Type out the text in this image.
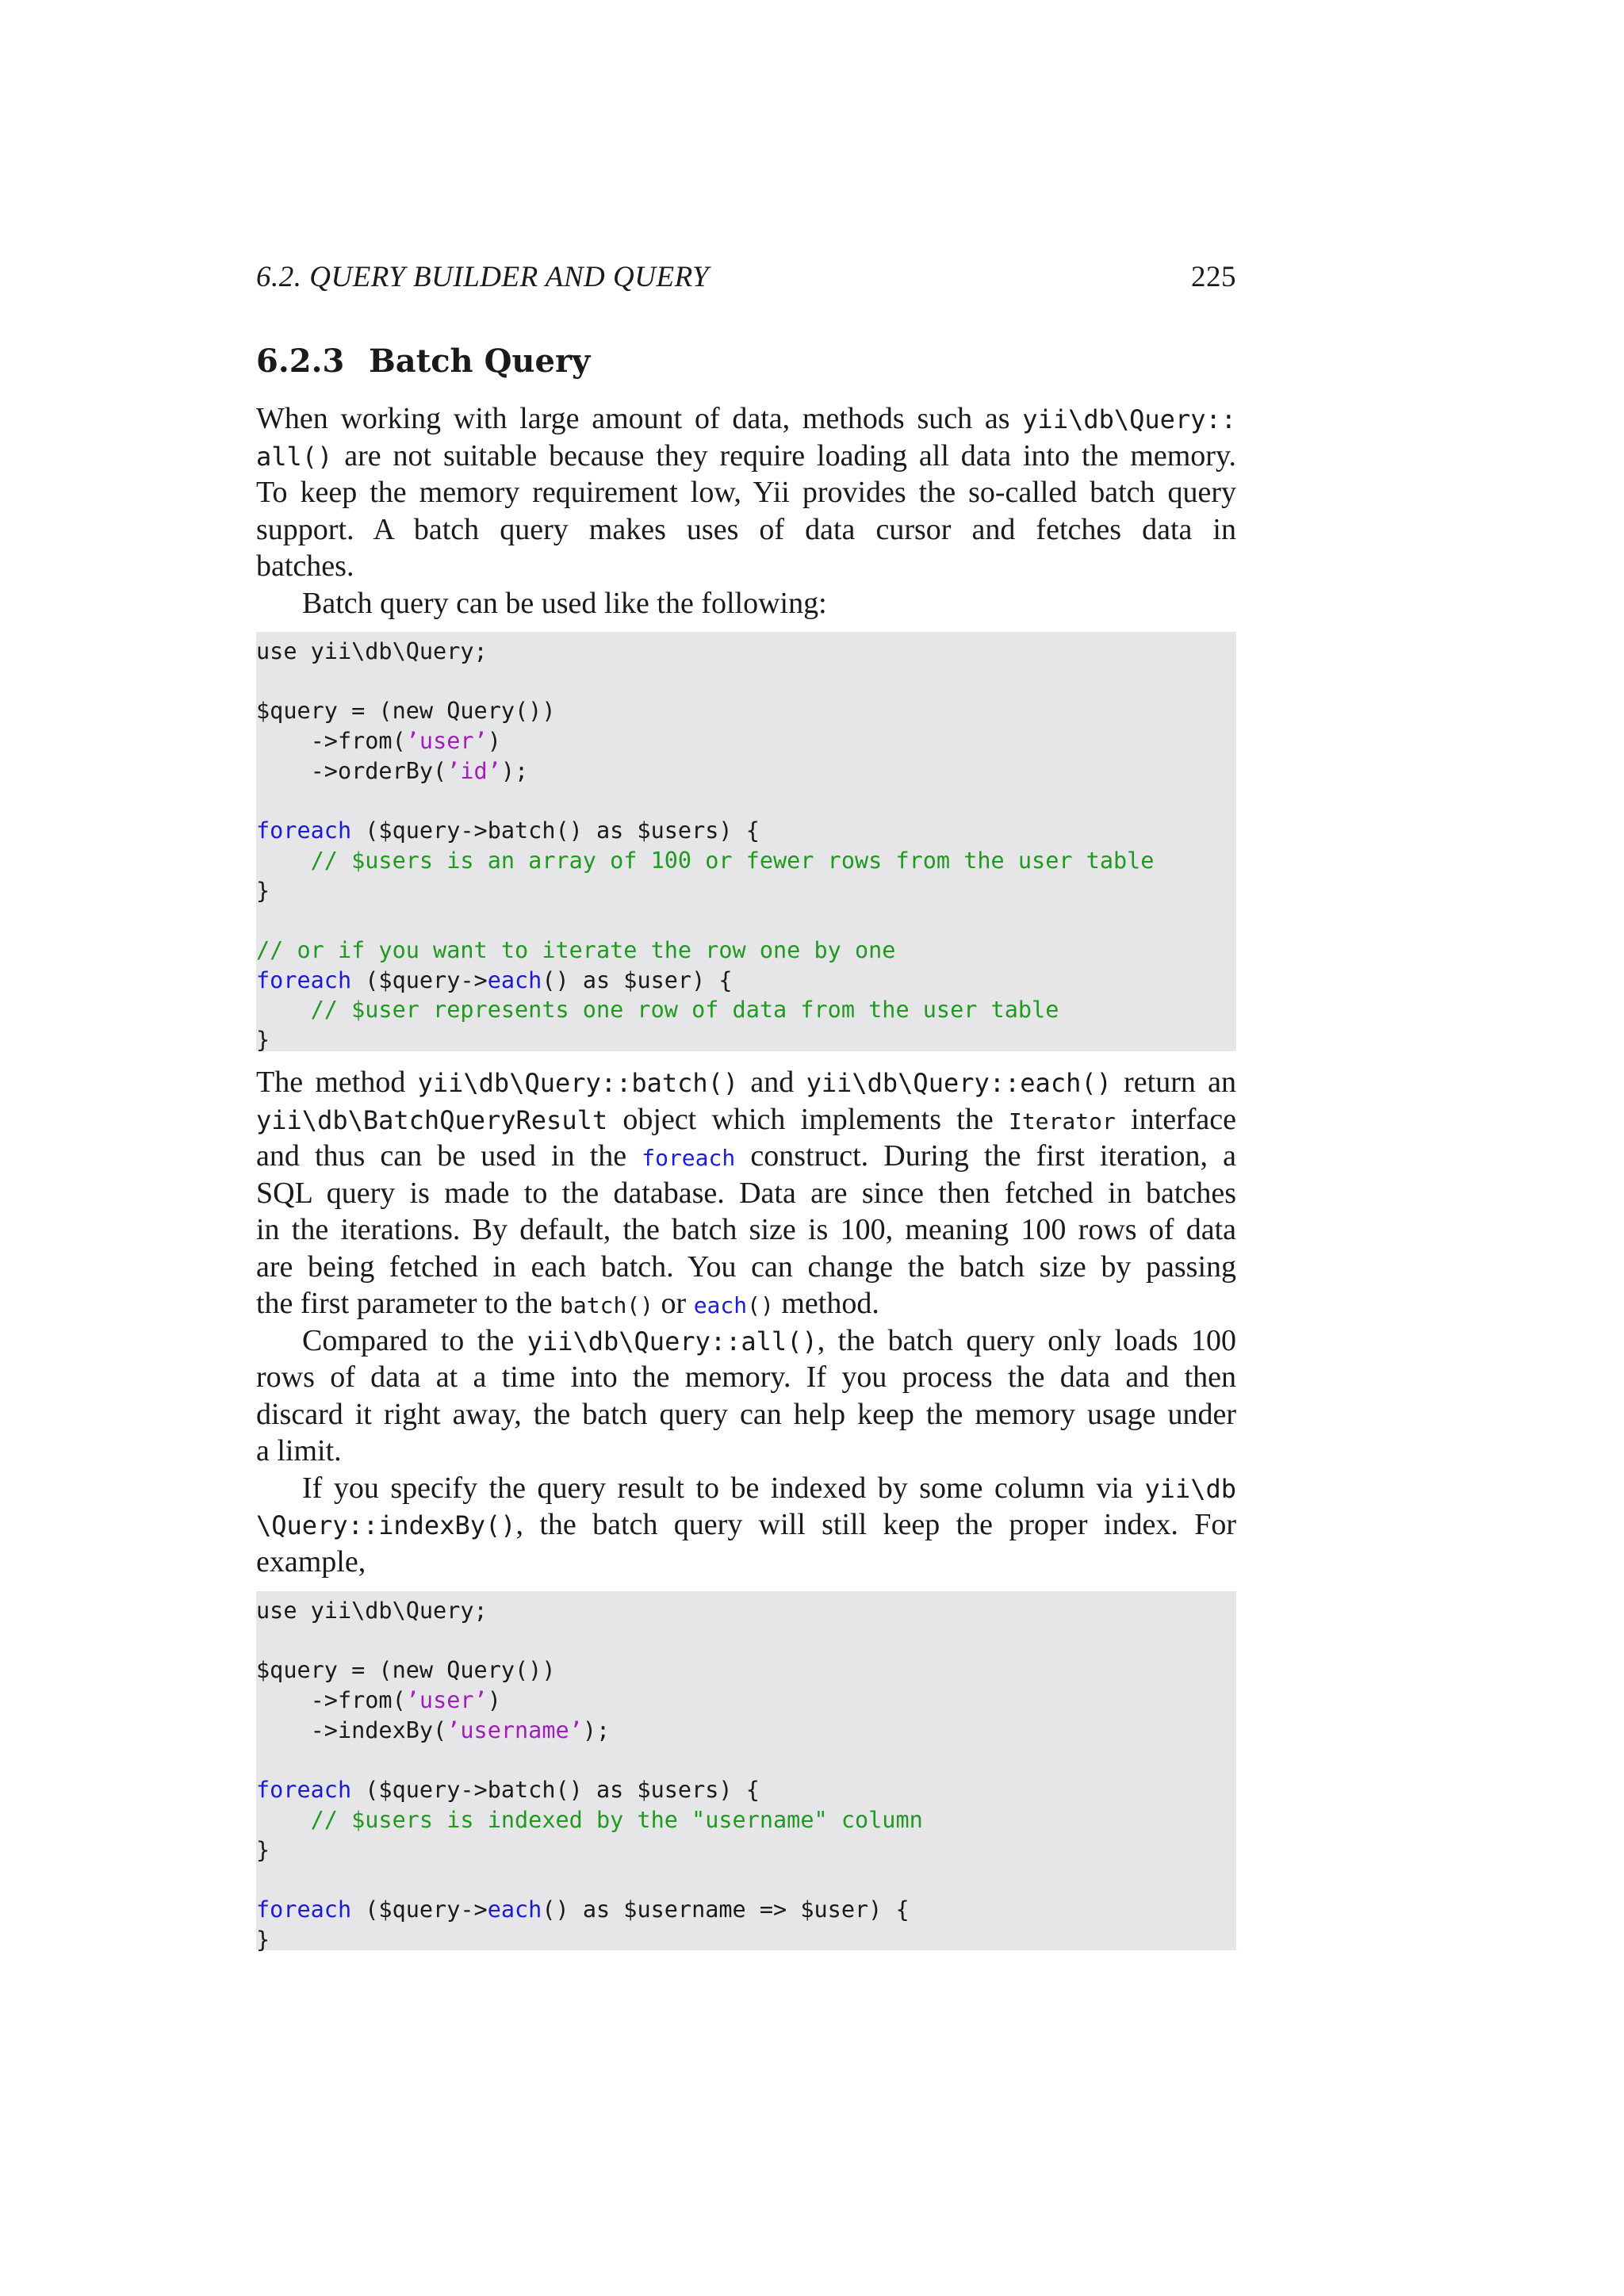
6.2. QUERY BUILDER AND QUERY	225
6.2.3 Batch Query
When working with large amount of data, methods such as yii\db\Query::
all() are not suitable because they require loading all data into the memory.
To keep the memory requirement low, Yii provides the so-called batch query
support. A batch query makes uses of data cursor and fetches data in
batches.
Batch query can be used like the following:
use yii\db\Query;

$query = (new Query())
->from(’user’)
->orderBy(’id’);

foreach ($query->batch() as $users) {
// $users is an array of 100 or fewer rows from the user table
}

// or if you want to iterate the row one by one
foreach ($query->each() as $user) {
// $user represents one row of data from the user table
}
The method yii\db\Query::batch() and yii\db\Query::each() return an
yii\db\BatchQueryResult object which implements the Iterator interface
and thus can be used in the foreach construct. During the first iteration, a
SQL query is made to the database. Data are since then fetched in batches
in the iterations. By default, the batch size is 100, meaning 100 rows of data
are being fetched in each batch. You can change the batch size by passing
the first parameter to the batch() or each() method.
Compared to the yii\db\Query::all(), the batch query only loads 100
rows of data at a time into the memory. If you process the data and then
discard it right away, the batch query can help keep the memory usage under
a limit.
If you specify the query result to be indexed by some column via yii\db
\Query::indexBy(), the batch query will still keep the proper index. For
example,
use yii\db\Query;

$query = (new Query())
->from(’user’)
->indexBy(’username’);

foreach ($query->batch() as $users) {
// $users is indexed by the "username" column
}

foreach ($query->each() as $username => $user) {
}
